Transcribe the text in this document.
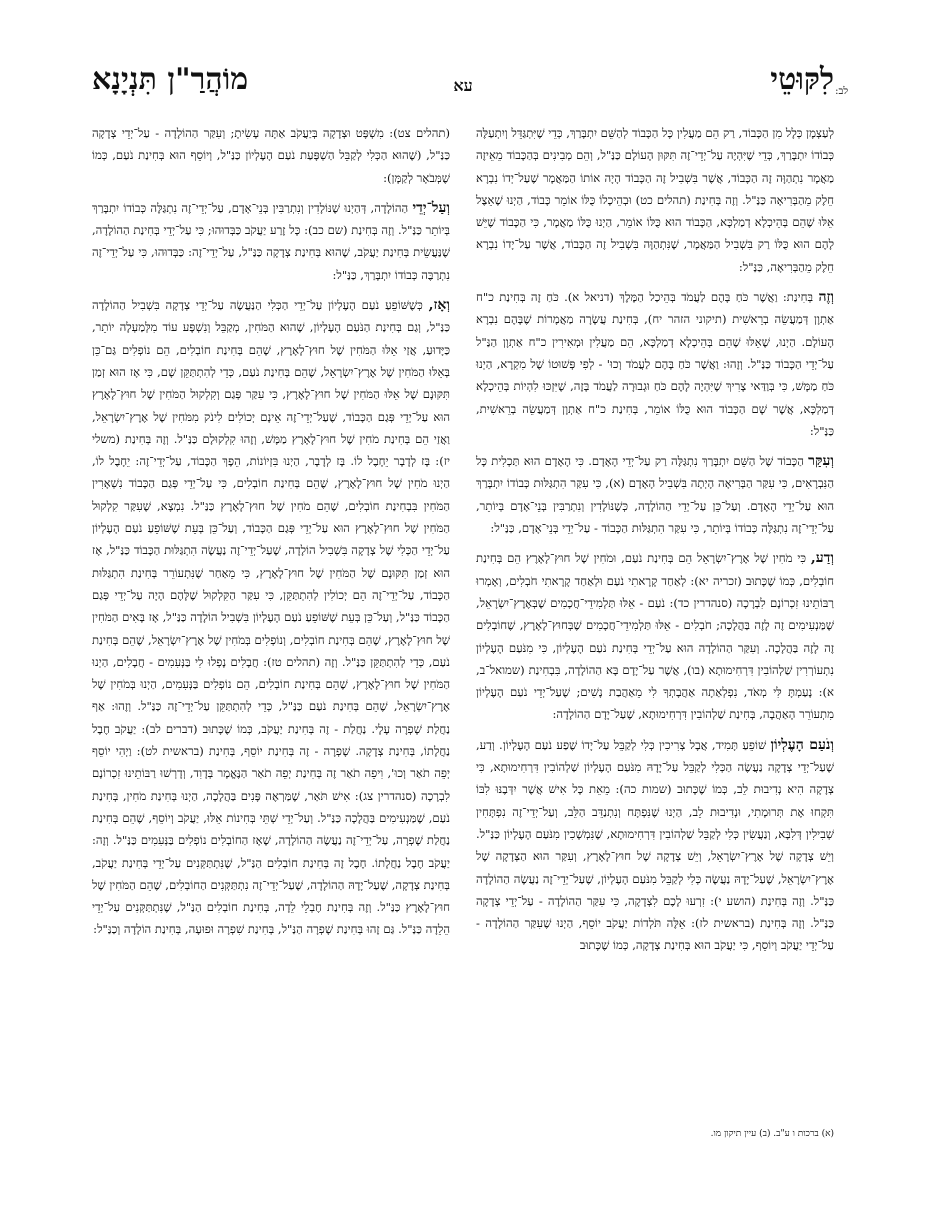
לב:
לִקּוּטֵי
עא
מוֹהֲרַ"ן תִּנְיָנָא

לְעַצְמָן כְּלָל מִן הַכָּבוֹד, רַק הֵם מַעֲלִין כָּל הַכָּבוֹד לְהַשֵּׁם יִתְבָּרַךְ, כְּדֵי שֶׁיִּתְגַּדֵּל וְיִתְעַלֶּה כְּבוֹדוֹ יִתְבָּרַךְ, כְּדֵי שֶׁיִּהְיֶה עַל־יְדֵי־זֶה תִּקּוּן הָעוֹלָם כַּנַּ"ל, וְהֵם מְבִינִים בְּהַכָּבוֹד מֵאֵיזֶה מַאֲמָר נִתְהַוָּה זֶה הַכָּבוֹד, אֲשֶׁר בִּשְׁבִיל זֶה הַכָּבוֹד הָיָה אוֹתוֹ הַמַּאֲמָר שֶׁעַל־יְדוֹ נִבְרָא חֵלֶק מֵהַבְּרִיאָה כַּנַּ"ל. וְזֶה בְּחִינַת (תהלים כט) וּבְהֵיכָלוֹ כֻּלּוֹ אוֹמֵר כָּבוֹד, הַיְנוּ שֶׁאֵצֶל אֵלּוּ שֶׁהֵם בְּהֵיכְלָא דְמַלְכָּא, הַכָּבוֹד הוּא כֻּלּוֹ אוֹמֵר, הַיְנוּ כֻּלּוֹ מַאֲמָר, כִּי הַכָּבוֹד שֶׁיֵּשׁ לָהֶם הוּא כֻּלּוֹ רַק בִּשְׁבִיל הַמַּאֲמָר, שֶׁנִּתְהַוָּה בִּשְׁבִיל זֶה הַכָּבוֹד, אֲשֶׁר עַל־יָדוֹ נִבְרָא חֵלֶק מֵהַבְּרִיאָה, כַּנַּ"ל:

וְזֶה בְּחִינַת: וַאֲשֶׁר כֹּחַ בָּהֶם לַעֲמֹד בְּהֵיכַל הַמֶּלֶךְ (דניאל א). כֹּחַ זֶה בְּחִינַת כ"ח אַתְוָן דְּמַעֲשֵׂה בְרֵאשִׁית (תיקוני הזהר יח), בְּחִינַת עֲשָׂרָה מַאֲמָרוֹת שֶׁבָּהֶם נִבְרָא הָעוֹלָם. הַיְנוּ, שֶׁאֵלּוּ שֶׁהֵם בְּהֵיכְלָא דְמַלְכָּא, הֵם מַעֲלִין וּמְאִירִין כ"ח אַתְוָן הַנַּ"ל עַל־יְדֵי הַכָּבוֹד כַּנַּ"ל. וְזֶהוּ: וַאֲשֶׁר כֹּחַ בָּהֶם לַעֲמֹד וְכוּ' - לְפִי פְּשׁוּטוֹ שֶׁל מִקְרָא, הַיְנוּ כֹּחַ מַמָּשׁ, כִּי בְּוַדַּאי צָרִיךְ שֶׁיִּהְיֶה לָהֶם כֹּחַ וּגְבוּרָה לַעֲמֹד בָּזֶה, שֶׁיִּזְכּוּ לִהְיוֹת בְּהֵיכְלָא דְמַלְכָּא, אֲשֶׁר שָׁם הַכָּבוֹד הוּא כֻּלּוֹ אוֹמֵר, בְּחִינַת כ"ח אַתְוָן דְּמַעֲשֵׂה בְרֵאשִׁית, כַּנַּ"ל:

וְעִקַּר הַכָּבוֹד שֶׁל הַשֵּׁם יִתְבָּרַךְ נִתְגַּלֶּה רַק עַל־יְדֵי הָאָדָם. כִּי הָאָדָם הוּא תַּכְלִית כָּל הַנִּבְרָאִים, כִּי עִקַּר הַבְּרִיאָה הָיְתָה בִּשְׁבִיל הָאָדָם (א), כִּי עִקַּר הִתְגַּלּוּת כְּבוֹדוֹ יִתְבָּרַךְ הוּא עַל־יְדֵי הָאָדָם. וְעַל־כֵּן עַל־יְדֵי הַהוֹלָדָה, כְּשֶׁנּוֹלָדִין וְנִתְרַבִּין בְּנֵי־אָדָם בְּיוֹתֵר, עַל־יְדֵי־זֶה נִתְגַּלֶּה כְּבוֹדוֹ בְּיוֹתֵר, כִּי עִקַּר הִתְגַּלּוּת הַכָּבוֹד - עַל־יְדֵי בְּנֵי־אָדָם, כַּנַּ"ל:

וְדַע, כִּי מֹחִין שֶׁל אֶרֶץ־יִשְׂרָאֵל הֵם בְּחִינַת נֹעַם, וּמֹחִין שֶׁל חוּץ־לָאָרֶץ הֵם בְּחִינַת חוֹבְלִים, כְּמוֹ שֶׁכָּתוּב (זכריה יא): לְאַחַד קָרָאתִי נֹעַם וּלְאַחַד קָרָאתִי חֹבְלִים, וְאָמְרוּ רַבּוֹתֵינוּ זִכְרוֹנָם לִבְרָכָה (סנהדרין כד): נֹעַם - אֵלּוּ תַּלְמִידֵי־חֲכָמִים שֶׁבְּאֶרֶץ־יִשְׂרָאֵל, שֶׁמַּנְעִימִים זֶה לָזֶה בַּהֲלָכָה; חֹבְלִים - אֵלּוּ תַּלְמִידֵי־חֲכָמִים שֶׁבְּחוּץ־לָאָרֶץ, שֶׁחוֹבְלִים זֶה לָזֶה בַּהֲלָכָה. וְעִקַּר הַהוֹלָדָה הוּא עַל־יְדֵי בְּחִינַת נֹעַם הָעֶלְיוֹן, כִּי מִנֹּעַם הָעֶלְיוֹן נִתְעוֹרְרִין שַׁלְהוֹבִין דִּרְחִימוּתָא (בו), אֲשֶׁר עַל־יָדָם בָּא הַהוֹלָדָה, בִּבְחִינַת (שמואל־ב, א): נָעַמְתָּ לִּי מְאֹד, נִפְלְאַתָה אַהֲבָתְךָ לִי מֵאַהֲבַת נָשִׁים; שֶׁעַל־יְדֵי נֹעַם הָעֶלְיוֹן מִתְעוֹרֵר הָאַהֲבָה, בְּחִינַת שַׁלְהוֹבִין דִּרְחִימוּתָא, שֶׁעַל־יָדָם הַהוֹלָדָה:

וְנֹעַם הָעֶלְיוֹן שׁוֹפֵעַ תָּמִיד, אֲבָל צְרִיכִין כְּלִי לְקַבֵּל עַל־יָדוֹ שֶׁפַע נֹעַם הָעֶלְיוֹן. וְדַע, שֶׁעַל־יְדֵי צְדָקָה נַעֲשֶׂה הַכְּלִי לְקַבֵּל עַל־יָדָהּ מִנֹּעַם הָעֶלְיוֹן שַׁלְהוֹבִין דִּרְחִימוּתָא, כִּי צְדָקָה הִיא נְדִיבוּת לֵב, כְּמוֹ שֶׁכָּתוּב (שמות כה): מֵאֵת כָּל אִישׁ אֲשֶׁר יִדְּבֶנּוּ לִבּוֹ תִּקְחוּ אֶת תְּרוּמָתִי, וּנְדִיבוּת לֵב, הַיְנוּ שֶׁנִּפְתָּח וְנִתְנַדֵּב הַלֵּב, וְעַל־יְדֵי־זֶה נִפְתָּחִין שְׁבִילִין דְּלִבָּא, וְנַעֲשִׂין כְּלִי לְקַבֵּל שַׁלְהוֹבִין דִּרְחִימוּתָא, שֶׁנִּמְשָׁכִין מִנֹּעַם הָעֶלְיוֹן כַּנַּ"ל. וְיֵשׁ צְדָקָה שֶׁל אֶרֶץ־יִשְׂרָאֵל, וְיֵשׁ צְדָקָה שֶׁל חוּץ־לָאָרֶץ, וְעִקַּר הוּא הַצְּדָקָה שֶׁל אֶרֶץ־יִשְׂרָאֵל, שֶׁעַל־יָדָהּ נַעֲשֶׂה כְּלִי לְקַבֵּל מִנֹּעַם הָעֶלְיוֹן, שֶׁעַל־יְדֵי־זֶה נַעֲשֶׂה הַהוֹלָדָה כַּנַּ"ל. וְזֶה בְּחִינַת (הושע י): זִרְעוּ לָכֶם לִצְדָקָה, כִּי עִקַּר הַהוֹלָדָה - עַל־יְדֵי צְדָקָה כַּנַּ"ל. וְזֶה בְּחִינַת (בראשית לז): אֵלֶּה תֹּלְדוֹת יַעֲקֹב יוֹסֵף, הַיְנוּ שֶׁעִקַּר הַהוֹלָדָה - עַל־יְדֵי יַעֲקֹב וְיוֹסֵף, כִּי יַעֲקֹב הוּא בְּחִינַת צְדָקָה, כְּמוֹ שֶׁכָּתוּב

(תהלים צט): מִשְׁפָּט וּצְדָקָה בְּיַעֲקֹב אַתָּה עָשִׂיתָ; וְעִקַּר הַהוֹלָדָה - עַל־יְדֵי צְדָקָה כַּנַּ"ל, (שֶׁהוּא הַכְּלִי לְקַבֵּל הַשְׁפָּעַת נֹעַם הָעֶלְיוֹן כַּנַּ"ל, וְיוֹסֵף הוּא בְּחִינַת נֹעַם, כְּמוֹ שֶׁמְּבֹאָר לְקַמָּן):

וְעַל־יְדֵי הַהוֹלָדָה, דְּהַיְנוּ שֶׁנּוֹלָדִין וְנִתְרַבִּין בְּנֵי־אָדָם, עַל־יְדֵי־זֶה נִתְגַּלֶּה כְּבוֹדוֹ יִתְבָּרַךְ בְּיוֹתֵר כַּנַּ"ל. וְזֶה בְּחִינַת (שם כב): כָּל זֶרַע יַעֲקֹב כַּבְּדוּהוּ; כִּי עַל־יְדֵי בְּחִינַת הַהוֹלָדָה, שֶׁנַּעֲשֵׂית בְּחִינַת יַעֲקֹב, שֶׁהוּא בְּחִינַת צְדָקָה כַּנַּ"ל, עַל־יְדֵי־זֶה: כַּבְּדוּהוּ, כִּי עַל־יְדֵי־זֶה נִתְרַבֶּה כְּבוֹדוֹ יִתְבָּרַךְ, כַּנַּ"ל:

וְאָז, כְּשֶׁשּׁוֹפֵעַ נֹעַם הָעֶלְיוֹן עַל־יְדֵי הַכְּלִי הַנַּעֲשֶׂה עַל־יְדֵי צְדָקָה בִּשְׁבִיל הַהוֹלָדָה כַּנַּ"ל, וְגַם בְּחִינַת הַנֹּעַם הָעֶלְיוֹן, שֶׁהוּא הַמֹּחִין, מְקַבֵּל וְנִשְׁפָּע עוֹד מִלְּמַעְלָה יוֹתֵר, כַּיָּדוּעַ, אֲזַי אֵלּוּ הַמֹּחִין שֶׁל חוּץ־לָאָרֶץ, שֶׁהֵם בְּחִינַת חוֹבְלִים, הֵם נוֹפְלִים גַּם־כֵּן בְּאֵלּוּ הַמֹּחִין שֶׁל אֶרֶץ־יִשְׂרָאֵל, שֶׁהֵם בְּחִינַת נֹעַם, כְּדֵי לְהִתְתַּקֵּן שָׁם, כִּי אָז הוּא זְמַן תִּקּוּנָם שֶׁל אֵלּוּ הַמֹּחִין שֶׁל חוּץ־לָאָרֶץ, כִּי עִקַּר פְּגַם וְקִלְקוּל הַמֹּחִין שֶׁל חוּץ־לָאָרֶץ הוּא עַל־יְדֵי פְּגַם הַכָּבוֹד, שֶׁעַל־יְדֵי־זֶה אֵינָם יְכוֹלִים לִינֹק מִמֹּחִין שֶׁל אֶרֶץ־יִשְׂרָאֵל, וַאֲזַי הֵם בְּחִינַת מֹחִין שֶׁל חוּץ־לָאָרֶץ מַמָּשׁ, וְזֶהוּ קִלְקוּלָם כַּנַּ"ל. וְזֶה בְּחִינַת (משלי יז): בָּז לְדָבָר יֵחָבֶל לוֹ. בָּז לְדָבָר, הַיְנוּ בִּזְיוֹנוֹת, הֵפֶךְ הַכָּבוֹד, עַל־יְדֵי־זֶה: יֵחָבֶל לוֹ, הַיְנוּ מֹחִין שֶׁל חוּץ־לָאָרֶץ, שֶׁהֵם בְּחִינַת חוֹבְלִים, כִּי עַל־יְדֵי פְּגַם הַכָּבוֹד נִשְׁאָרִין הַמֹּחִין בִּבְחִינַת חוֹבְלִים, שֶׁהֵם מֹחִין שֶׁל חוּץ־לָאָרֶץ כַּנַּ"ל. נִמְצָא, שֶׁעִקַּר קִלְקוּל הַמֹּחִין שֶׁל חוּץ־לָאָרֶץ הוּא עַל־יְדֵי פְּגַם הַכָּבוֹד, וְעַל־כֵּן בְּעֵת שֶׁשּׁוֹפֵעַ נֹעַם הָעֶלְיוֹן עַל־יְדֵי הַכְּלִי שֶׁל צְדָקָה בִּשְׁבִיל הוֹלָדָה, שֶׁעַל־יְדֵי־זֶה נַעֲשֶׂה הִתְגַּלּוּת הַכָּבוֹד כַּנַּ"ל, אָז הוּא זְמַן תִּקּוּנָם שֶׁל הַמֹּחִין שֶׁל חוּץ־לָאָרֶץ, כִּי מֵאַחַר שֶׁנִּתְעוֹרֵר בְּחִינַת הִתְגַּלּוּת הַכָּבוֹד, עַל־יְדֵי־זֶה הֵם יְכוֹלִין לְהִתְתַּקֵּן, כִּי עִקַּר הַקִּלְקוּל שֶׁלָּהֶם הָיָה עַל־יְדֵי פְּגַם הַכָּבוֹד כַּנַּ"ל, וְעַל־כֵּן בְּעֵת שֶׁשּׁוֹפֵעַ נֹעַם הָעֶלְיוֹן בִּשְׁבִיל הוֹלָדָה כַּנַּ"ל, אָז בָּאִים הַמֹּחִין שֶׁל חוּץ־לָאָרֶץ, שֶׁהֵם בְּחִינַת חוֹבְלִים, וְנוֹפְלִים בְּמֹחִין שֶׁל אֶרֶץ־יִשְׂרָאֵל, שֶׁהֵם בְּחִינַת נֹעַם, כְּדֵי לְהִתְתַּקֵּן כַּנַּ"ל. וְזֶה (תהלים טז): חֲבָלִים נָפְלוּ לִי בַּנְּעִמִים - חֲבָלִים, הַיְנוּ הַמֹּחִין שֶׁל חוּץ־לָאָרֶץ, שֶׁהֵם בְּחִינַת חוֹבְלִים, הֵם נוֹפְלִים בַּנְּעִמִים, הַיְנוּ בְּמֹחִין שֶׁל אֶרֶץ־יִשְׂרָאֵל, שֶׁהֵם בְּחִינַת נֹעַם כַּנַּ"ל, כְּדֵי לְהִתְתַּקֵּן עַל־יְדֵי־זֶה כַּנַּ"ל. וְזֶהוּ: אַף נַחֲלַת שָׁפְרָה עָלָי. נַחֲלַת - זֶה בְּחִינַת יַעֲקֹב, כְּמוֹ שֶׁכָּתוּב (דברים לב): יַעֲקֹב חֶבֶל נַחֲלָתוֹ, בְּחִינַת צְדָקָה. שָׁפְרָה - זֶה בְּחִינַת יוֹסֵף, בְּחִינַת (בראשית לט): וַיְהִי יוֹסֵף יְפֵה תֹאַר וְכוּ', וִיפֵה תֹאַר זֶה בְּחִינַת יְפֵה תֹאַר הַנֶּאֱמָר בְּדָוִד, וְדָרְשׁוּ רַבּוֹתֵינוּ זִכְרוֹנָם לִבְרָכָה (סנהדרין צג): אִישׁ תֹּאַר, שֶׁמַּרְאֶה פָּנִים בַּהֲלָכָה, הַיְנוּ בְּחִינַת מֹחִין, בְּחִינַת נֹעַם, שֶׁמַּנְעִימִים בַּהֲלָכָה כַּנַּ"ל. וְעַל־יְדֵי שְׁתֵּי בְּחִינוֹת אֵלּוּ, יַעֲקֹב וְיוֹסֵף, שֶׁהֵם בְּחִינַת נַחֲלַת שָׁפְרָה, עַל־יְדֵי־זֶה נַעֲשֶׂה הַהוֹלָדָה, שֶׁאָז הַחוֹבְלִים נוֹפְלִים בַּנְּעִמִים כַּנַּ"ל. וְזֶה: יַעֲקֹב חֶבֶל נַחֲלָתוֹ. חֶבֶל זֶה בְּחִינַת חוֹבְלִים הַנַּ"ל, שֶׁנִּתְתַּקְּנִים עַל־יְדֵי בְּחִינַת יַעֲקֹב, בְּחִינַת צְדָקָה, שֶׁעַל־יָדָהּ הַהוֹלָדָה, שֶׁעַל־יְדֵי־זֶה נִתְתַּקְּנִים הַחוֹבְלִים, שֶׁהֵם הַמֹּחִין שֶׁל חוּץ־לָאָרֶץ כַּנַּ"ל. וְזֶה בְּחִינַת חֶבְלֵי לֵדָה, בְּחִינַת חוֹבְלִים הַנַּ"ל, שֶׁנִּתְתַּקְּנִים עַל־יְדֵי הֵלֵדָה כַּנַּ"ל. גַּם זֶהוּ בְּחִינַת שָׁפְרָה הַנַּ"ל, בְּחִינַת שִׁפְרָה וּפוּעָה, בְּחִינַת הוֹלָדָה וְכַנַּ"ל:

(א) ברכות ו ע"ב. (ב) עיין תיקון מו.
